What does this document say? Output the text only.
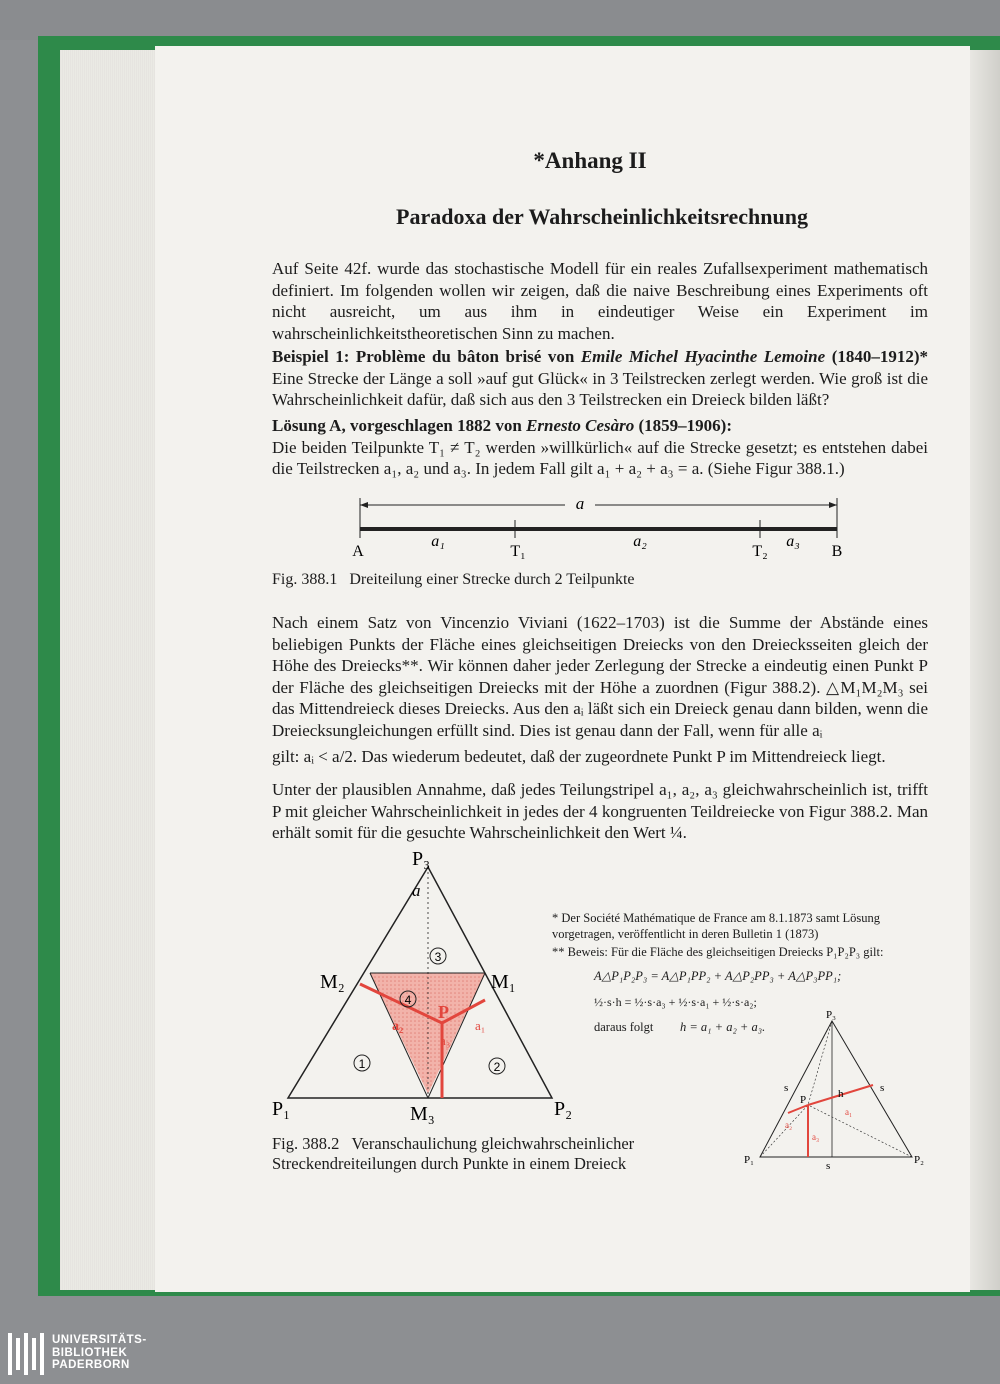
*Anhang II
Paradoxa der Wahrscheinlichkeitsrechnung
Auf Seite 42f. wurde das stochastische Modell für ein reales Zufallsexperiment mathematisch definiert. Im folgenden wollen wir zeigen, daß die naive Beschreibung eines Experiments oft nicht ausreicht, um aus ihm in eindeutiger Weise ein Experiment im wahrscheinlichkeitstheoretischen Sinn zu machen.
Beispiel 1: Problème du bâton brisé von Emile Michel Hyacinthe Lemoine (1840–1912)* Eine Strecke der Länge a soll »auf gut Glück« in 3 Teilstrecken zerlegt werden. Wie groß ist die Wahrscheinlichkeit dafür, daß sich aus den 3 Teilstrecken ein Dreieck bilden läßt?
Lösung A, vorgeschlagen 1882 von Ernesto Cesàro (1859–1906):
Die beiden Teilpunkte T₁ ≠ T₂ werden »willkürlich« auf die Strecke gesetzt; es entstehen dabei die Teilstrecken a₁, a₂ und a₃. In jedem Fall gilt a₁ + a₂ + a₃ = a. (Siehe Figur 388.1.)
a
a₁	a₂	a₃
A	T₁	T₂	B
Fig. 388.1 Dreiteilung einer Strecke durch 2 Teilpunkte
Nach einem Satz von Vincenzio Viviani (1622–1703) ist die Summe der Abstände eines beliebigen Punkts der Fläche eines gleichseitigen Dreiecks von den Dreiecksseiten gleich der Höhe des Dreiecks**. Wir können daher jeder Zerlegung der Strecke a eindeutig einen Punkt P der Fläche des gleichseitigen Dreiecks mit der Höhe a zuordnen (Figur 388.2). △M₁M₂M₃ sei das Mittendreieck dieses Dreiecks. Aus den aᵢ läßt sich ein Dreieck genau dann bilden, wenn die Dreiecksungleichungen erfüllt sind. Dies ist genau dann der Fall, wenn für alle aᵢ
gilt: aᵢ < a/2. Das wiederum bedeutet, daß der zugeordnete Punkt P im Mittendreieck liegt.
Unter der plausiblen Annahme, daß jedes Teilungstripel a₁, a₂, a₃ gleichwahrscheinlich ist, trifft P mit gleicher Wahrscheinlichkeit in jedes der 4 kongruenten Teildreiecke von Figur 388.2. Man erhält somit für die gesuchte Wahrscheinlichkeit den Wert ¼.
a
a₃
a₁
a₂
P
3
4
1	2
P₃
M₂	M₁
P₁	M₃	P₂
Fig. 388.2 Veranschaulichung gleichwahrscheinlicher
Streckendreiteilungen durch Punkte in einem Dreieck
* Der Société Mathématique de France am 8.1.1873 samt Lösung vorgetragen, veröffentlicht in deren Bulletin 1 (1873)
** Beweis: Für die Fläche des gleichseitigen Dreiecks P₁P₂P₃ gilt:
A△P₁P₂P₃ = A△P₁PP₂ + A△P₂PP₃ + A△P₃PP₁;
½·s·h = ½·s·a₃ + ½·s·a₁ + ½·s·a₂;
daraus folgt h = a₁ + a₂ + a₃.
P₃
P₁	P₂
P
s	s
s
h
a₁
a₂
a₃
UNIVERSITÄTS-
BIBLIOTHEK
PADERBORN
